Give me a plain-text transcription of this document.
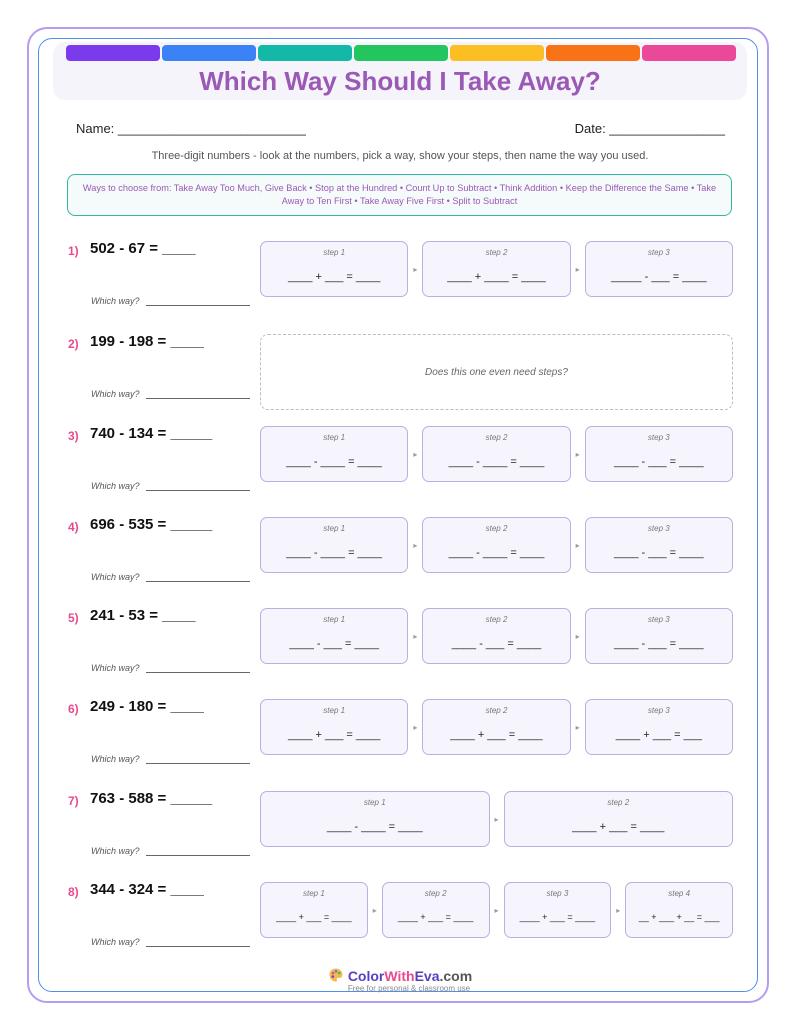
Which Way Should I Take Away?
Name: __________________________	Date: ________________
Three-digit numbers - look at the numbers, pick a way, show your steps, then name the way you used.
Ways to choose from: Take Away Too Much, Give Back • Stop at the Hundred • Count Up to Subtract • Think Addition • Keep the Difference the Same • Take Away to Ten First • Take Away Five First • Split to Subtract
1) 502 - 67 = ____
Which way?
step 1
____ + ___ = ____
▸
step 2
____ + ____ = ____
▸
step 3
_____ - ___ = ____
2) 199 - 198 = ____
Which way?
Does this one even need steps?
3) 740 - 134 = _____
Which way?
step 1
____ - ____ = ____
▸
step 2
____ - ____ = ____
▸
step 3
____ - ___ = ____
4) 696 - 535 = _____
Which way?
step 1
____ - ____ = ____
▸
step 2
____ - ____ = ____
▸
step 3
____ - ___ = ____
5) 241 - 53 = ____
Which way?
step 1
____ - ___ = ____
▸
step 2
____ - ___ = ____
▸
step 3
____ - ___ = ____
6) 249 - 180 = ____
Which way?
step 1
____ + ___ = ____
▸
step 2
____ + ___ = ____
▸
step 3
____ + ___ = ___
7) 763 - 588 = _____
Which way?
step 1
____ - ____ = ____
▸
step 2
____ + ___ = ____
8) 344 - 324 = ____
Which way?
step 1
____ + ___ = ____
▸
step 2
____ + ___ = ____
▸
step 3
____ + ___ = ____
▸
step 4
__ + ___ + __ = ___
ColorWithEva.com
Free for personal & classroom use
